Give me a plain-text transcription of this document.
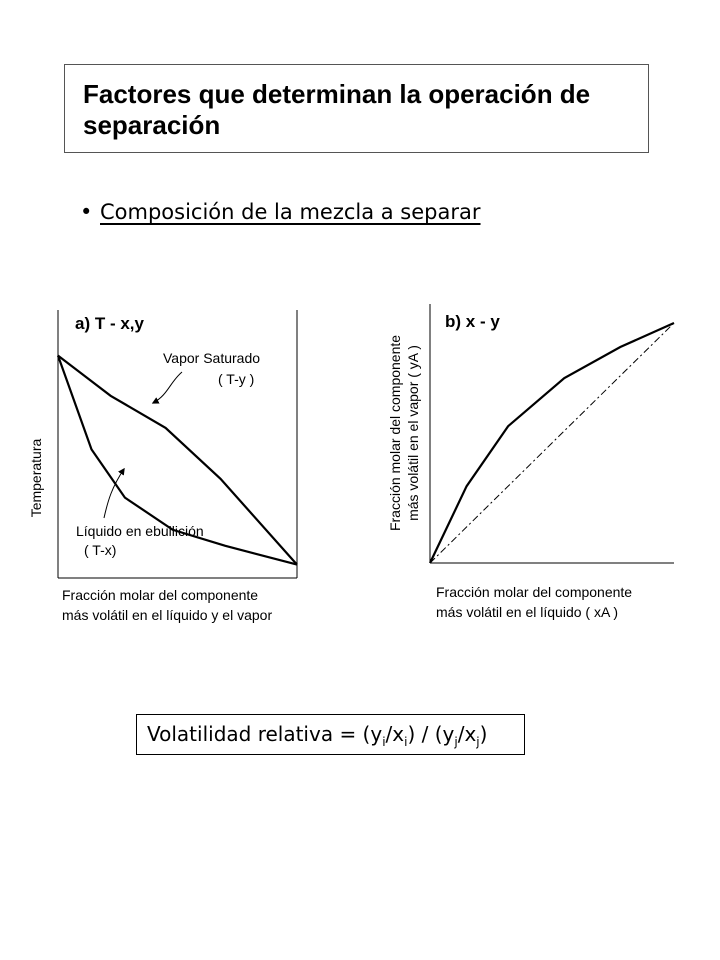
Factores que determinan la operación de separación
• Composición de la mezcla a separar
a) T - x,y
Temperatura
Vapor Saturado
( T-y )
Líquido en ebullición
( T-x)
Fracción molar del componente
más volátil en el líquido y el vapor
b) x - y
Fracción molar del componente más volátil en el vapor ( yA )
Fracción molar del componente
más volátil en el líquido ( xA )
Volatilidad relativa = $(y_i/x_i) / (y_j/x_j)$
